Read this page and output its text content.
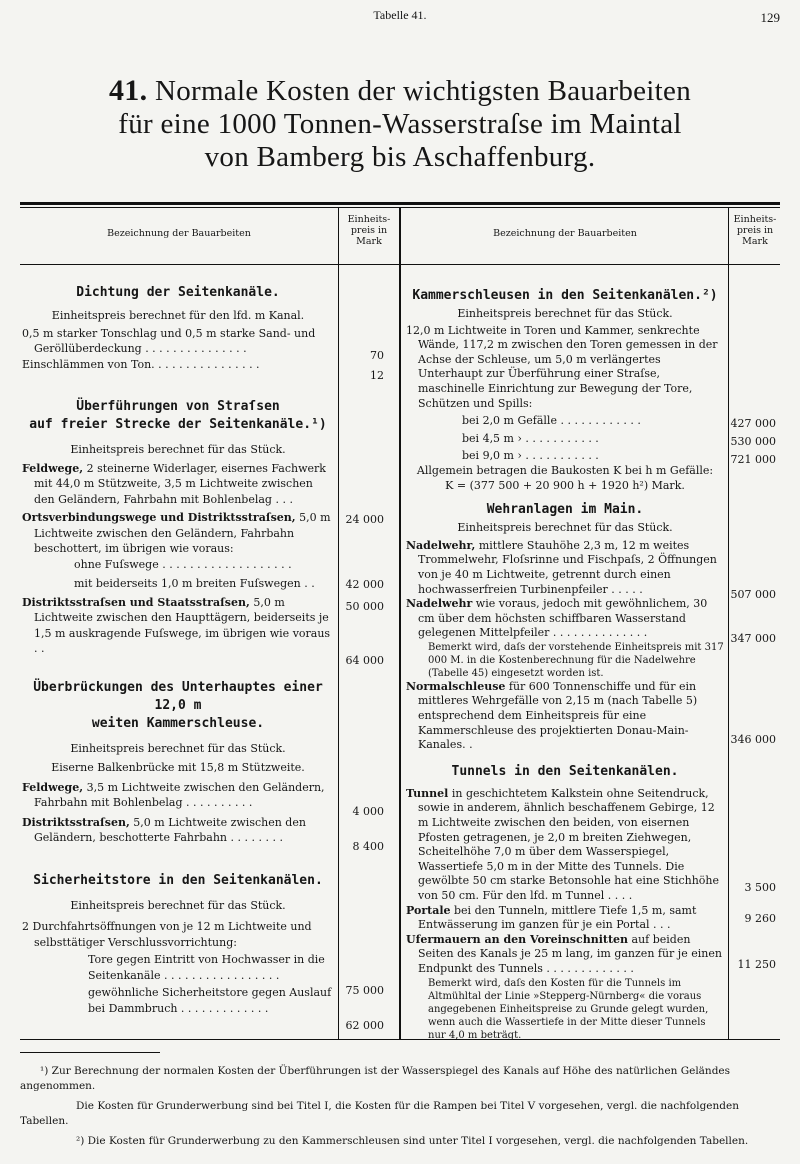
Tabelle 41.	129
41. Normale Kosten der wichtigsten Bauarbeiten
für eine 1000 Tonnen-Wasserstraſse im Maintal
von Bamberg bis Aschaffenburg.
Bezeichnung der Bauarbeiten
Einheits- preis in Mark
Bezeichnung der Bauarbeiten
Einheits- preis in Mark
Dichtung der Seitenkanäle.
Einheitspreis berechnet für den lfd. m Kanal.
0,5 m starker Tonschlag und 0,5 m starke Sand- und Geröllüberdeckung . . . . . . . . . . . . . . .
Einschlämmen von Ton. . . . . . . . . . . . . . . .
Überführungen von Straſsen
auf freier Strecke der Seitenkanäle.¹)
Einheitspreis berechnet für das Stück.
Feldwege, 2 steinerne Widerlager, eisernes Fachwerk mit 44,0 m Stützweite, 3,5 m Lichtweite zwischen den Geländern, Fahrbahn mit Bohlenbelag . . .
Ortsverbindungswege und Distriktsstraſsen, 5,0 m Lichtweite zwischen den Geländern, Fahrbahn beschottert, im übrigen wie voraus:
ohne Fuſswege . . . . . . . . . . . . . . . . . . .
mit beiderseits 1,0 m breiten Fuſswegen . .
Distriktsstraſsen und Staatsstraſsen, 5,0 m Lichtweite zwischen den Haupttägern, beiderseits je 1,5 m auskragende Fuſswege, im übrigen wie voraus . .
Überbrückungen des Unterhauptes einer 12,0 m
weiten Kammerschleuse.
Einheitspreis berechnet für das Stück.
Eiserne Balkenbrücke mit 15,8 m Stützweite.
Feldwege, 3,5 m Lichtweite zwischen den Geländern, Fahrbahn mit Bohlenbelag . . . . . . . . . .
Distriktsstraſsen, 5,0 m Lichtweite zwischen den Geländern, beschotterte Fahrbahn . . . . . . . .
Sicherheitstore in den Seitenkanälen.
Einheitspreis berechnet für das Stück.
2 Durchfahrtsöffnungen von je 12 m Lichtweite und selbsttätiger Verschlussvorrichtung:
Tore gegen Eintritt von Hochwasser in die Seitenkanäle . . . . . . . . . . . . . . . . .
gewöhnliche Sicherheitstore gegen Auslauf bei Dammbruch . . . . . . . . . . . . .
70
12
24 000
42 000
50 000
64 000
4 000
8 400
75 000
62 000
Kammerschleusen in den Seitenkanälen.²)
Einheitspreis berechnet für das Stück.
12,0 m Lichtweite in Toren und Kammer, senkrechte Wände, 117,2 m zwischen den Toren gemessen in der Achse der Schleuse, um 5,0 m verlängertes Unterhaupt zur Überführung einer Straſse, maschinelle Einrichtung zur Bewegung der Tore, Schützen und Spills:
bei 2,0 m Gefälle . . . . . . . . . . . .
bei 4,5 m › . . . . . . . . . . .
bei 9,0 m › . . . . . . . . . . .
Allgemein betragen die Baukosten K bei h m Gefälle:
K = (377 500 + 20 900 h + 1920 h²) Mark.
Wehranlagen im Main.
Einheitspreis berechnet für das Stück.
Nadelwehr, mittlere Stauhöhe 2,3 m, 12 m weites Trommelwehr, Floſsrinne und Fischpaſs, 2 Öffnungen von je 40 m Lichtweite, getrennt durch einen hochwasserfreien Turbinenpfeiler . . . . .
Nadelwehr wie voraus, jedoch mit gewöhnlichem, 30 cm über dem höchsten schiffbaren Wasserstand gelegenen Mittelpfeiler . . . . . . . . . . . . . .
Bemerkt wird, daſs der vorstehende Einheitspreis mit 317 000 M. in die Kostenberechnung für die Nadelwehre (Tabelle 45) eingesetzt worden ist.
Normalschleuse für 600 Tonnenschiffe und für ein mittleres Wehrgefälle von 2,15 m (nach Tabelle 5) entsprechend dem Einheitspreis für eine Kammerschleuse des projektierten Donau-Main-Kanales. .
Tunnels in den Seitenkanälen.
Tunnel in geschichtetem Kalkstein ohne Seitendruck, sowie in anderem, ähnlich beschaffenem Gebirge, 12 m Lichtweite zwischen den beiden, von eisernen Pfosten getragenen, je 2,0 m breiten Ziehwegen, Scheitelhöhe 7,0 m über dem Wasserspiegel, Wassertiefe 5,0 m in der Mitte des Tunnels. Die gewölbte 50 cm starke Betonsohle hat eine Stichhöhe von 50 cm. Für den lfd. m Tunnel . . . .
Portale bei den Tunneln, mittlere Tiefe 1,5 m, samt Entwässerung im ganzen für je ein Portal . . .
Ufermauern an den Voreinschnitten auf beiden Seiten des Kanals je 25 m lang, im ganzen für je einen Endpunkt des Tunnels . . . . . . . . . . . . .
Bemerkt wird, daſs den Kosten für die Tunnels im Altmühltal der Linie »Stepperg-Nürnberg« die voraus angegebenen Einheitspreise zu Grunde gelegt wurden, wenn auch die Wassertiefe in der Mitte dieser Tunnels nur 4,0 m beträgt.
427 000
530 000
721 000
507 000
347 000
346 000
3 500
9 260
11 250
¹) Zur Berechnung der normalen Kosten der Überführungen ist der Wasserspiegel des Kanals auf Höhe des natürlichen Geländes angenommen.
Die Kosten für Grunderwerbung sind bei Titel I, die Kosten für die Rampen bei Titel V vorgesehen, vergl. die nachfolgenden Tabellen.
²) Die Kosten für Grunderwerbung zu den Kammerschleusen sind unter Titel I vorgesehen, vergl. die nachfolgenden Tabellen.
